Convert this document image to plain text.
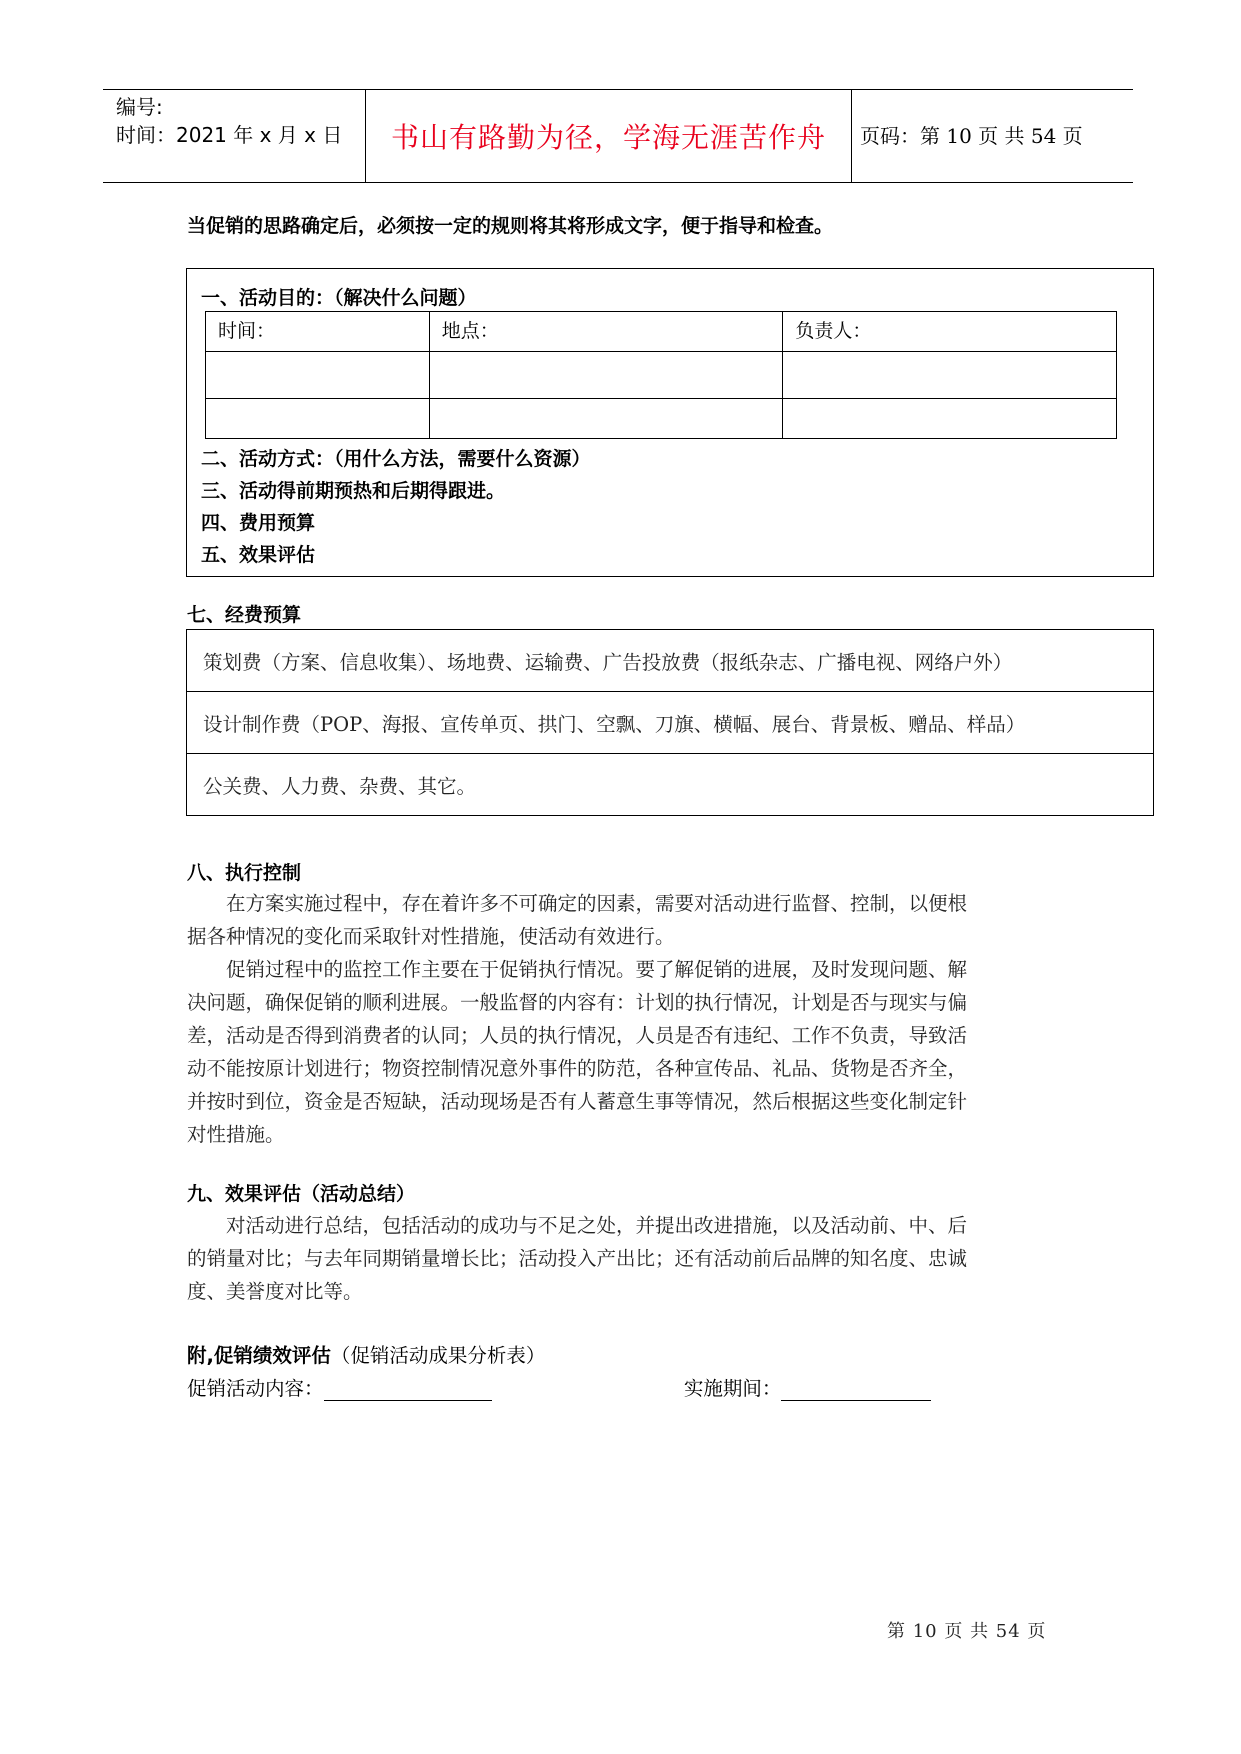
编号:
时间：2021 年 x 月 x 日	书山有路勤为径，学海无涯苦作舟	页码：第 10 页 共 54 页
当促销的思路确定后，必须按一定的规则将其将形成文字，便于指导和检查。
一、活动目的：（解决什么问题）
时间：	地点：	负责人：

二、活动方式：（用什么方法，需要什么资源）
三、活动得前期预热和后期得跟进。
四、费用预算
五、效果评估
七、经费预算
策划费（方案、信息收集）、场地费、运输费、广告投放费（报纸杂志、广播电视、网络户外）
设计制作费（POP、海报、宣传单页、拱门、空飘、刀旗、横幅、展台、背景板、赠品、样品）
公关费、人力费、杂费、其它。
八、执行控制
　　在方案实施过程中，存在着许多不可确定的因素，需要对活动进行监督、控制，以便根
据各种情况的变化而采取针对性措施，使活动有效进行。
　　促销过程中的监控工作主要在于促销执行情况。要了解促销的进展，及时发现问题、解
决问题，确保促销的顺利进展。一般监督的内容有：计划的执行情况，计划是否与现实与偏
差，活动是否得到消费者的认同；人员的执行情况，人员是否有违纪、工作不负责，导致活
动不能按原计划进行；物资控制情况意外事件的防范，各种宣传品、礼品、货物是否齐全，
并按时到位，资金是否短缺，活动现场是否有人蓄意生事等情况，然后根据这些变化制定针
对性措施。
九、效果评估（活动总结）
　　对活动进行总结，包括活动的成功与不足之处，并提出改进措施，以及活动前、中、后
的销量对比；与去年同期销量增长比；活动投入产出比；还有活动前后品牌的知名度、忠诚
度、美誉度对比等。
附,促销绩效评估（促销活动成果分析表）
促销活动内容：	实施期间：
第 10 页 共 54 页
